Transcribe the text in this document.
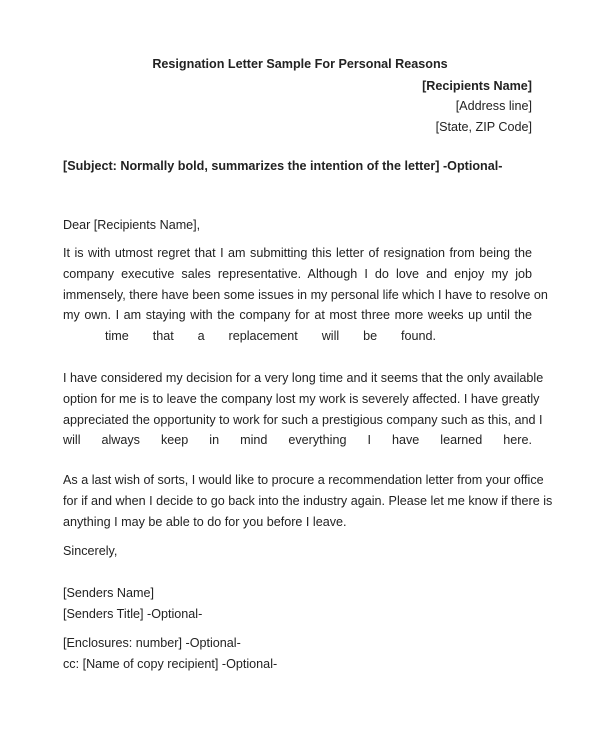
Resignation Letter Sample For Personal Reasons
[Recipients Name]
[Address line]
[State, ZIP Code]
[Subject: Normally bold, summarizes the intention of the letter] -Optional-
Dear [Recipients Name],
It is with utmost regret that I am submitting this letter of resignation from being the
company executive sales representative. Although I do love and enjoy my job
immensely, there have been some issues in my personal life which I have to resolve on
my own. I am staying with the company for at most three more weeks up until the
time that a replacement will be found.
I have considered my decision for a very long time and it seems that the only available
option for me is to leave the company lost my work is severely affected. I have greatly
appreciated the opportunity to work for such a prestigious company such as this, and I
will always keep in mind everything I have learned here.
As a last wish of sorts, I would like to procure a recommendation letter from your office
for if and when I decide to go back into the industry again. Please let me know if there is
anything I may be able to do for you before I leave.
Sincerely,
[Senders Name]
[Senders Title] -Optional-
[Enclosures: number] -Optional-
cc: [Name of copy recipient] -Optional-
